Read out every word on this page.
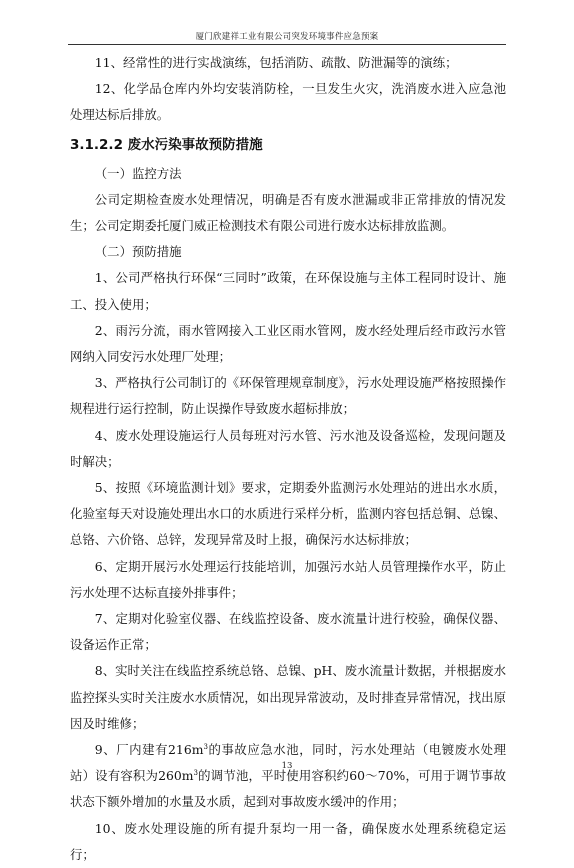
厦门欣建祥工业有限公司突发环境事件应急预案

11、经常性的进行实战演练，包括消防、疏散、防泄漏等的演练；

12、化学品仓库内外均安装消防栓，一旦发生火灾，洗消废水进入应急池处理达标后排放。

3.1.2.2 废水污染事故预防措施

（一）监控方法

公司定期检查废水处理情况，明确是否有废水泄漏或非正常排放的情况发生；公司定期委托厦门威正检测技术有限公司进行废水达标排放监测。

（二）预防措施

1、公司严格执行环保“三同时”政策，在环保设施与主体工程同时设计、施工、投入使用；

2、雨污分流，雨水管网接入工业区雨水管网，废水经处理后经市政污水管网纳入同安污水处理厂处理；

3、严格执行公司制订的《环保管理规章制度》，污水处理设施严格按照操作规程进行运行控制，防止误操作导致废水超标排放；

4、废水处理设施运行人员每班对污水管、污水池及设备巡检，发现问题及时解决；

5、按照《环境监测计划》要求，定期委外监测污水处理站的进出水水质，化验室每天对设施处理出水口的水质进行采样分析，监测内容包括总铜、总镍、总铬、六价铬、总锌，发现异常及时上报，确保污水达标排放；

6、定期开展污水处理运行技能培训，加强污水站人员管理操作水平，防止污水处理不达标直接外排事件；

7、定期对化验室仪器、在线监控设备、废水流量计进行校验，确保仪器、设备运作正常；

8、实时关注在线监控系统总铬、总镍、pH、废水流量计数据，并根据废水监控探头实时关注废水水质情况，如出现异常波动，及时排查异常情况，找出原因及时维修；

9、厂内建有$216m^3$的事故应急水池，同时，污水处理站（电镀废水处理站）设有容积为$260m^3$的调节池，平时使用容积约60～70%，可用于调节事故状态下额外增加的水量及水质，起到对事故废水缓冲的作用；

10、废水处理设施的所有提升泵均一用一备，确保废水处理系统稳定运行；

13
